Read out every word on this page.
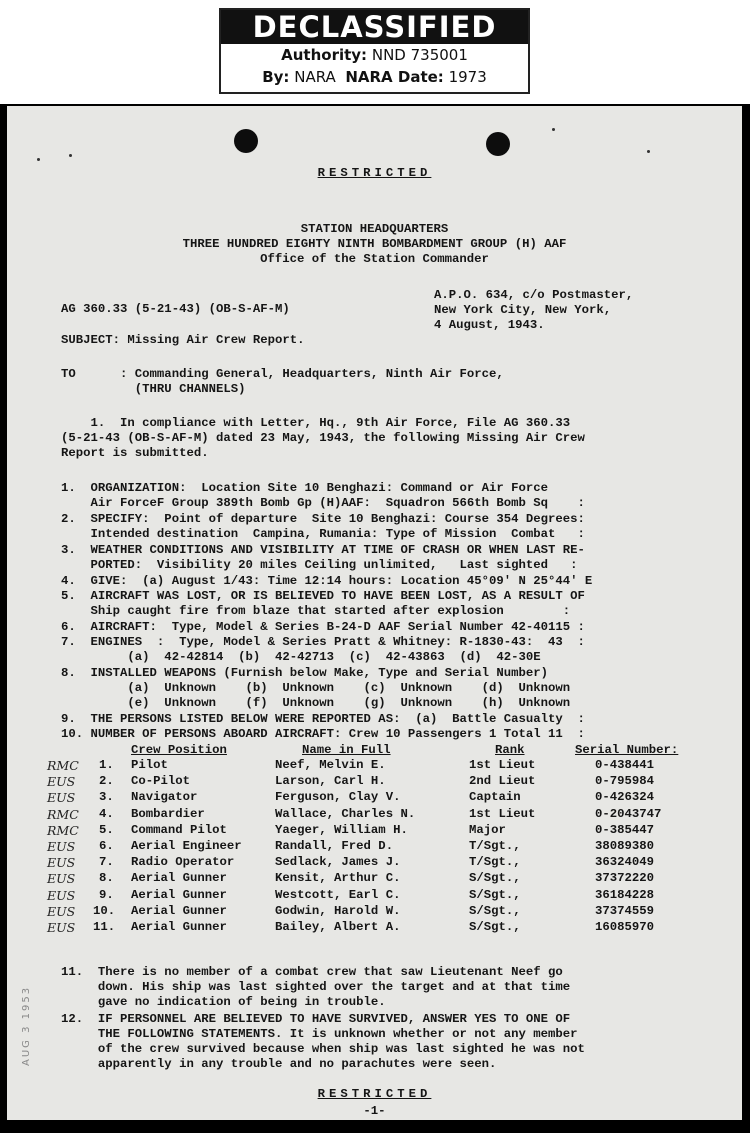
DECLASSIFIED
Authority: NND 735001
By: NARA NARA Date: 1973
RESTRICTED
STATION HEADQUARTERS
THREE HUNDRED EIGHTY NINTH BOMBARDMENT GROUP (H) AAF
Office of the Station Commander
A.P.O. 634, c/o Postmaster,
New York City, New York,
4 August, 1943.
AG 360.33 (5-21-43) (OB-S-AF-M)
SUBJECT: Missing Air Crew Report.
TO      : Commanding General, Headquarters, Ninth Air Force,
(THRU CHANNELS)
1.  In compliance with Letter, Hq., 9th Air Force, File AG 360.33
(5-21-43 (OB-S-AF-M) dated 23 May, 1943, the following Missing Air Crew
Report is submitted.
1.  ORGANIZATION:  Location Site 10 Benghazi: Command or Air Force
Air ForceF Group 389th Bomb Gp (H)AAF:  Squadron 566th Bomb Sq    :
2.  SPECIFY:  Point of departure  Site 10 Benghazi: Course 354 Degrees:
Intended destination  Campina, Rumania: Type of Mission  Combat   :
3.  WEATHER CONDITIONS AND VISIBILITY AT TIME OF CRASH OR WHEN LAST RE-
PORTED:  Visibility 20 miles Ceiling unlimited,   Last sighted   :
4.  GIVE:  (a) August 1/43: Time 12:14 hours: Location 45°09' N 25°44' E
5.  AIRCRAFT WAS LOST, OR IS BELIEVED TO HAVE BEEN LOST, AS A RESULT OF
Ship caught fire from blaze that started after explosion        :
6.  AIRCRAFT:  Type, Model & Series B-24-D AAF Serial Number 42-40115 :
7.  ENGINES  :  Type, Model & Series Pratt & Whitney: R-1830-43:  43  :
(a)  42-42814  (b)  42-42713  (c)  42-43863  (d)  42-30E
8.  INSTALLED WEAPONS (Furnish below Make, Type and Serial Number)
(a)  Unknown    (b)  Unknown    (c)  Unknown    (d)  Unknown
(e)  Unknown    (f)  Unknown    (g)  Unknown    (h)  Unknown
9.  THE PERSONS LISTED BELOW WERE REPORTED AS:  (a)  Battle Casualty  :
10. NUMBER OF PERSONS ABOARD AIRCRAFT: Crew 10 Passengers 1 Total 11  :
Crew Position	Name in Full	Rank	Serial Number:
RMC 1. Pilot	Neef, Melvin E.	1st Lieut	0-438441
EUS 2. Co-Pilot	Larson, Carl H.	2nd Lieut	0-795984
EUS 3. Navigator	Ferguson, Clay V.	Captain	0-426324
RMC 4. Bombardier	Wallace, Charles N.	1st Lieut	0-2043747
RMC 5. Command Pilot	Yaeger, William H.	Major	0-385447
EUS 6. Aerial Engineer	Randall, Fred D.	T/Sgt.,	38089380
EUS 7. Radio Operator	Sedlack, James J.	T/Sgt.,	36324049
EUS 8. Aerial Gunner	Kensit, Arthur C.	S/Sgt.,	37372220
EUS 9. Aerial Gunner	Westcott, Earl C.	S/Sgt.,	36184228
EUS 10. Aerial Gunner	Godwin, Harold W.	S/Sgt.,	37374559
EUS 11. Aerial Gunner	Bailey, Albert A.	S/Sgt.,	16085970
11.  There is no member of a combat crew that saw Lieutenant Neef go
down. His ship was last sighted over the target and at that time
gave no indication of being in trouble.
12.  IF PERSONNEL ARE BELIEVED TO HAVE SURVIVED, ANSWER YES TO ONE OF
THE FOLLOWING STATEMENTS. It is unknown whether or not any member
of the crew survived because when ship was last sighted he was not
apparently in any trouble and no parachutes were seen.
RESTRICTED
-1-
AUG 3 1953
